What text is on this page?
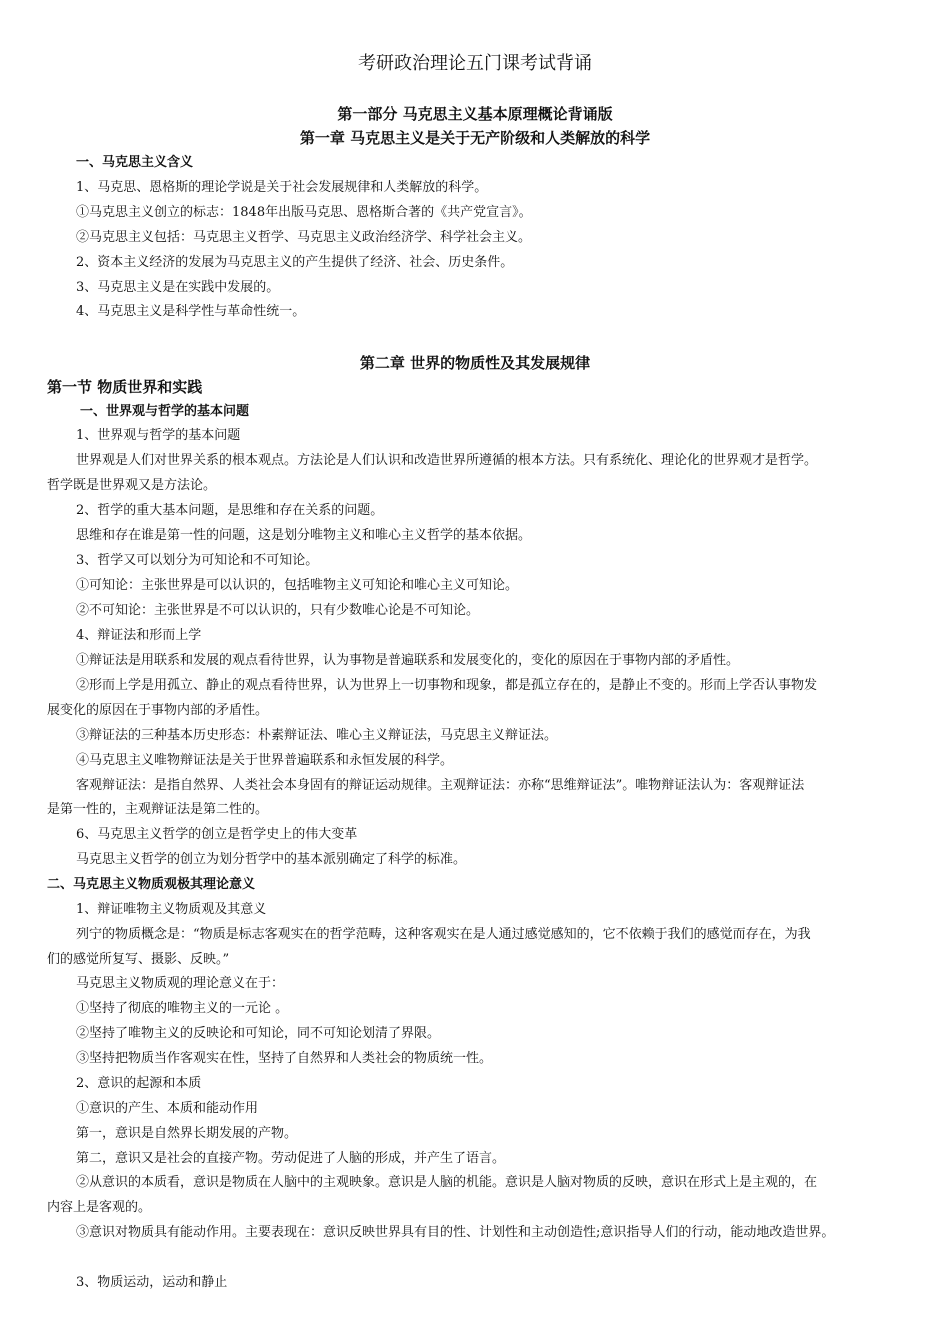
考研政治理论五门课考试背诵
第一部分 马克思主义基本原理概论背诵版
第一章 马克思主义是关于无产阶级和人类解放的科学
一、马克思主义含义
1、马克思、恩格斯的理论学说是关于社会发展规律和人类解放的科学。
①马克思主义创立的标志：1848年出版马克思、恩格斯合著的《共产党宣言》。
②马克思主义包括：马克思主义哲学、马克思主义政治经济学、科学社会主义。
2、资本主义经济的发展为马克思主义的产生提供了经济、社会、历史条件。
3、马克思主义是在实践中发展的。
4、马克思主义是科学性与革命性统一。
第二章 世界的物质性及其发展规律
第一节 物质世界和实践
一、世界观与哲学的基本问题
1、世界观与哲学的基本问题
世界观是人们对世界关系的根本观点。方法论是人们认识和改造世界所遵循的根本方法。只有系统化、理论化的世界观才是哲学。
哲学既是世界观又是方法论。
2、哲学的重大基本问题，是思维和存在关系的问题。
思维和存在谁是第一性的问题，这是划分唯物主义和唯心主义哲学的基本依据。
3、哲学又可以划分为可知论和不可知论。
①可知论：主张世界是可以认识的，包括唯物主义可知论和唯心主义可知论。
②不可知论：主张世界是不可以认识的，只有少数唯心论是不可知论。
4、辩证法和形而上学
①辩证法是用联系和发展的观点看待世界，认为事物是普遍联系和发展变化的，变化的原因在于事物内部的矛盾性。
②形而上学是用孤立、静止的观点看待世界，认为世界上一切事物和现象，都是孤立存在的，是静止不变的。形而上学否认事物发
展变化的原因在于事物内部的矛盾性。
③辩证法的三种基本历史形态：朴素辩证法、唯心主义辩证法，马克思主义辩证法。
④马克思主义唯物辩证法是关于世界普遍联系和永恒发展的科学。
客观辩证法：是指自然界、人类社会本身固有的辩证运动规律。主观辩证法：亦称“思维辩证法”。唯物辩证法认为：客观辩证法
是第一性的，主观辩证法是第二性的。
6、马克思主义哲学的创立是哲学史上的伟大变革
马克思主义哲学的创立为划分哲学中的基本派别确定了科学的标准。
二、马克思主义物质观极其理论意义
1、辩证唯物主义物质观及其意义
列宁的物质概念是：“物质是标志客观实在的哲学范畴，这种客观实在是人通过感觉感知的，它不依赖于我们的感觉而存在，为我
们的感觉所复写、摄影、反映。”
马克思主义物质观的理论意义在于：
①坚持了彻底的唯物主义的一元论 。
②坚持了唯物主义的反映论和可知论，同不可知论划清了界限。
③坚持把物质当作客观实在性，坚持了自然界和人类社会的物质统一性。
2、意识的起源和本质
①意识的产生、本质和能动作用
第一，意识是自然界长期发展的产物。
第二，意识又是社会的直接产物。劳动促进了人脑的形成，并产生了语言。
②从意识的本质看，意识是物质在人脑中的主观映象。意识是人脑的机能。意识是人脑对物质的反映，意识在形式上是主观的，在
内容上是客观的。
③意识对物质具有能动作用。主要表现在：意识反映世界具有目的性、计划性和主动创造性;意识指导人们的行动，能动地改造世界。
3、物质运动，运动和静止
